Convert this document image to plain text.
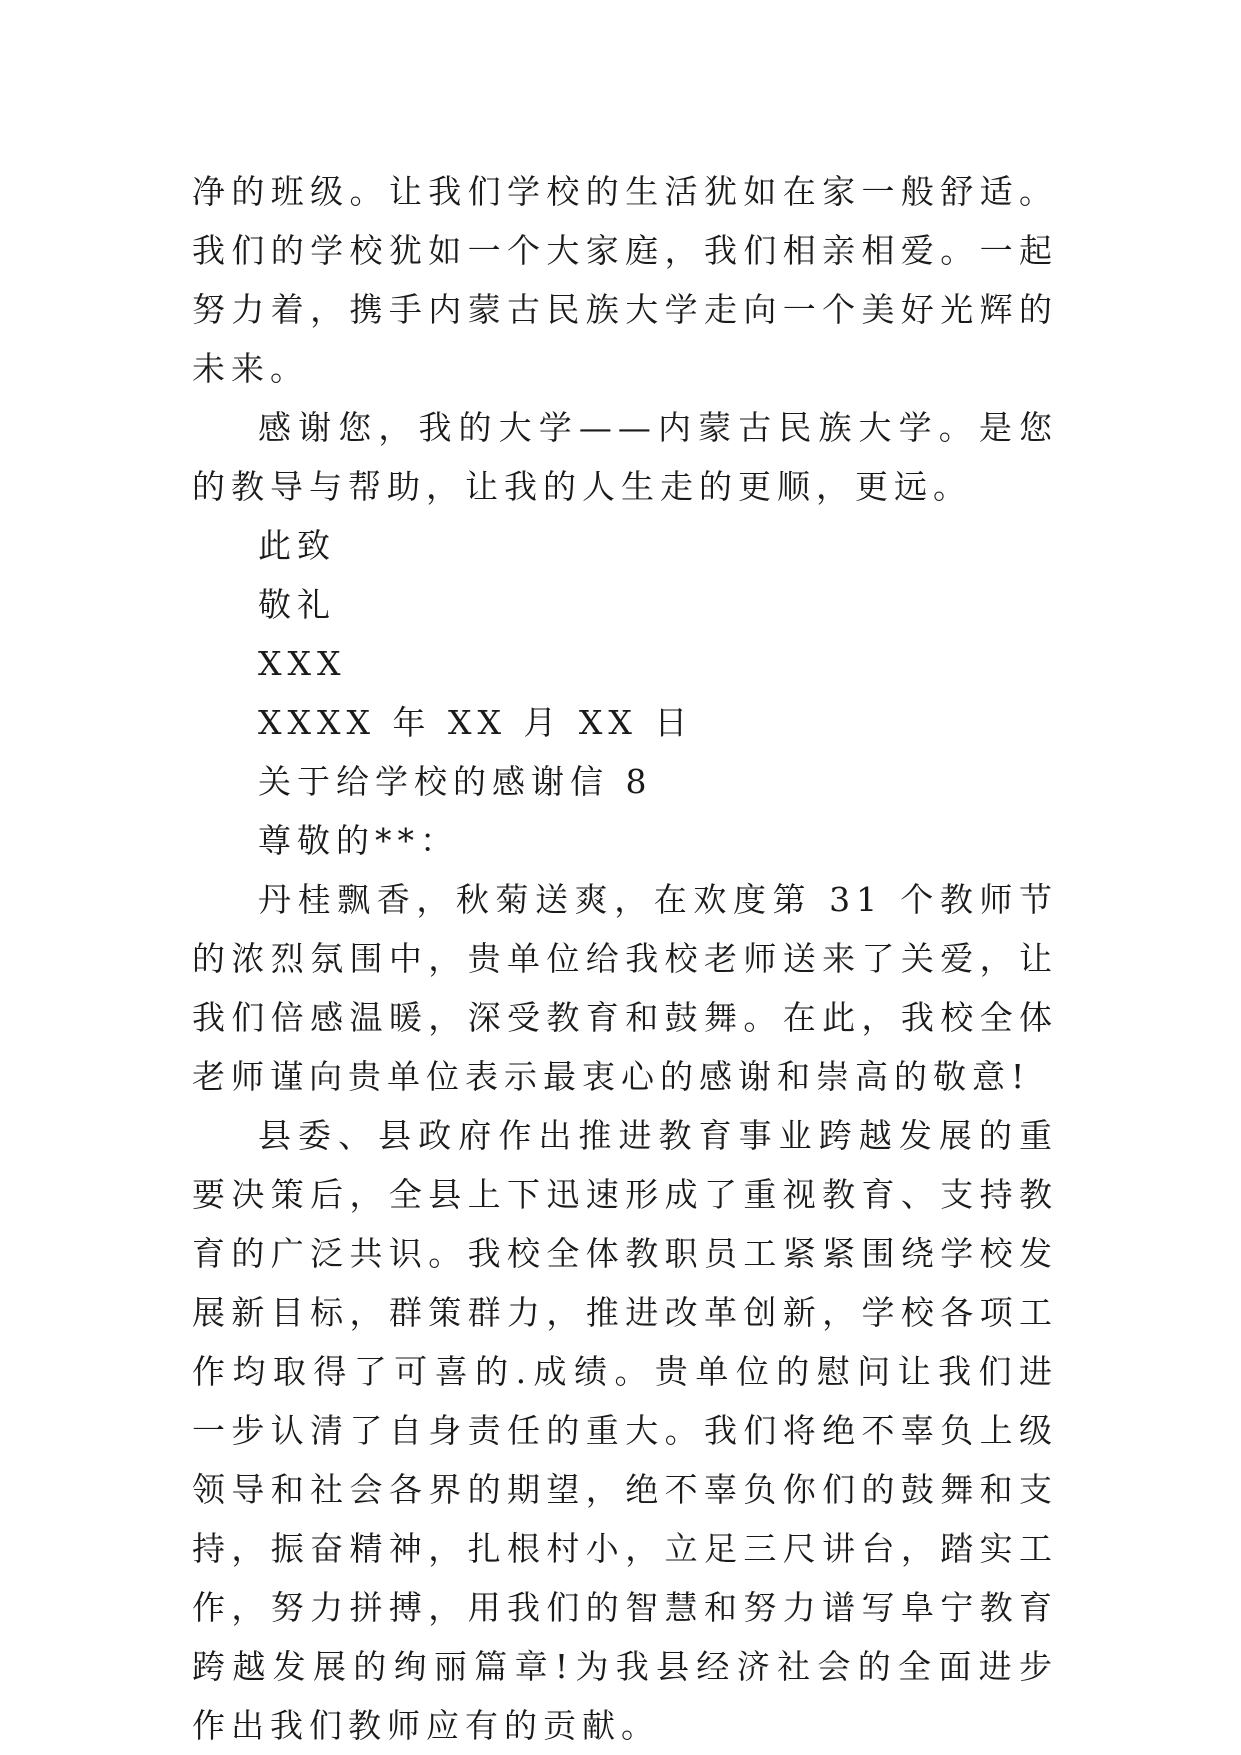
净的班级。让我们学校的生活犹如在家一般舒适。我们的学校犹如一个大家庭，我们相亲相爱。一起努力着，携手内蒙古民族大学走向一个美好光辉的未来。

感谢您，我的大学——内蒙古民族大学。是您的教导与帮助，让我的人生走的更顺，更远。

此致

敬礼

XXX

XXXX 年 XX 月 XX 日

关于给学校的感谢信 8

尊敬的**：

丹桂飘香，秋菊送爽，在欢度第 31 个教师节的浓烈氛围中，贵单位给我校老师送来了关爱，让我们倍感温暖，深受教育和鼓舞。在此，我校全体老师谨向贵单位表示最衷心的感谢和崇高的敬意!

县委、县政府作出推进教育事业跨越发展的重要决策后，全县上下迅速形成了重视教育、支持教育的广泛共识。我校全体教职员工紧紧围绕学校发展新目标，群策群力，推进改革创新，学校各项工作均取得了可喜的.成绩。贵单位的慰问让我们进一步认清了自身责任的重大。我们将绝不辜负上级领导和社会各界的期望，绝不辜负你们的鼓舞和支持，振奋精神，扎根村小，立足三尺讲台，踏实工作，努力拼搏，用我们的智慧和努力谱写阜宁教育跨越发展的绚丽篇章!为我县经济社会的全面进步作出我们教师应有的贡献。
